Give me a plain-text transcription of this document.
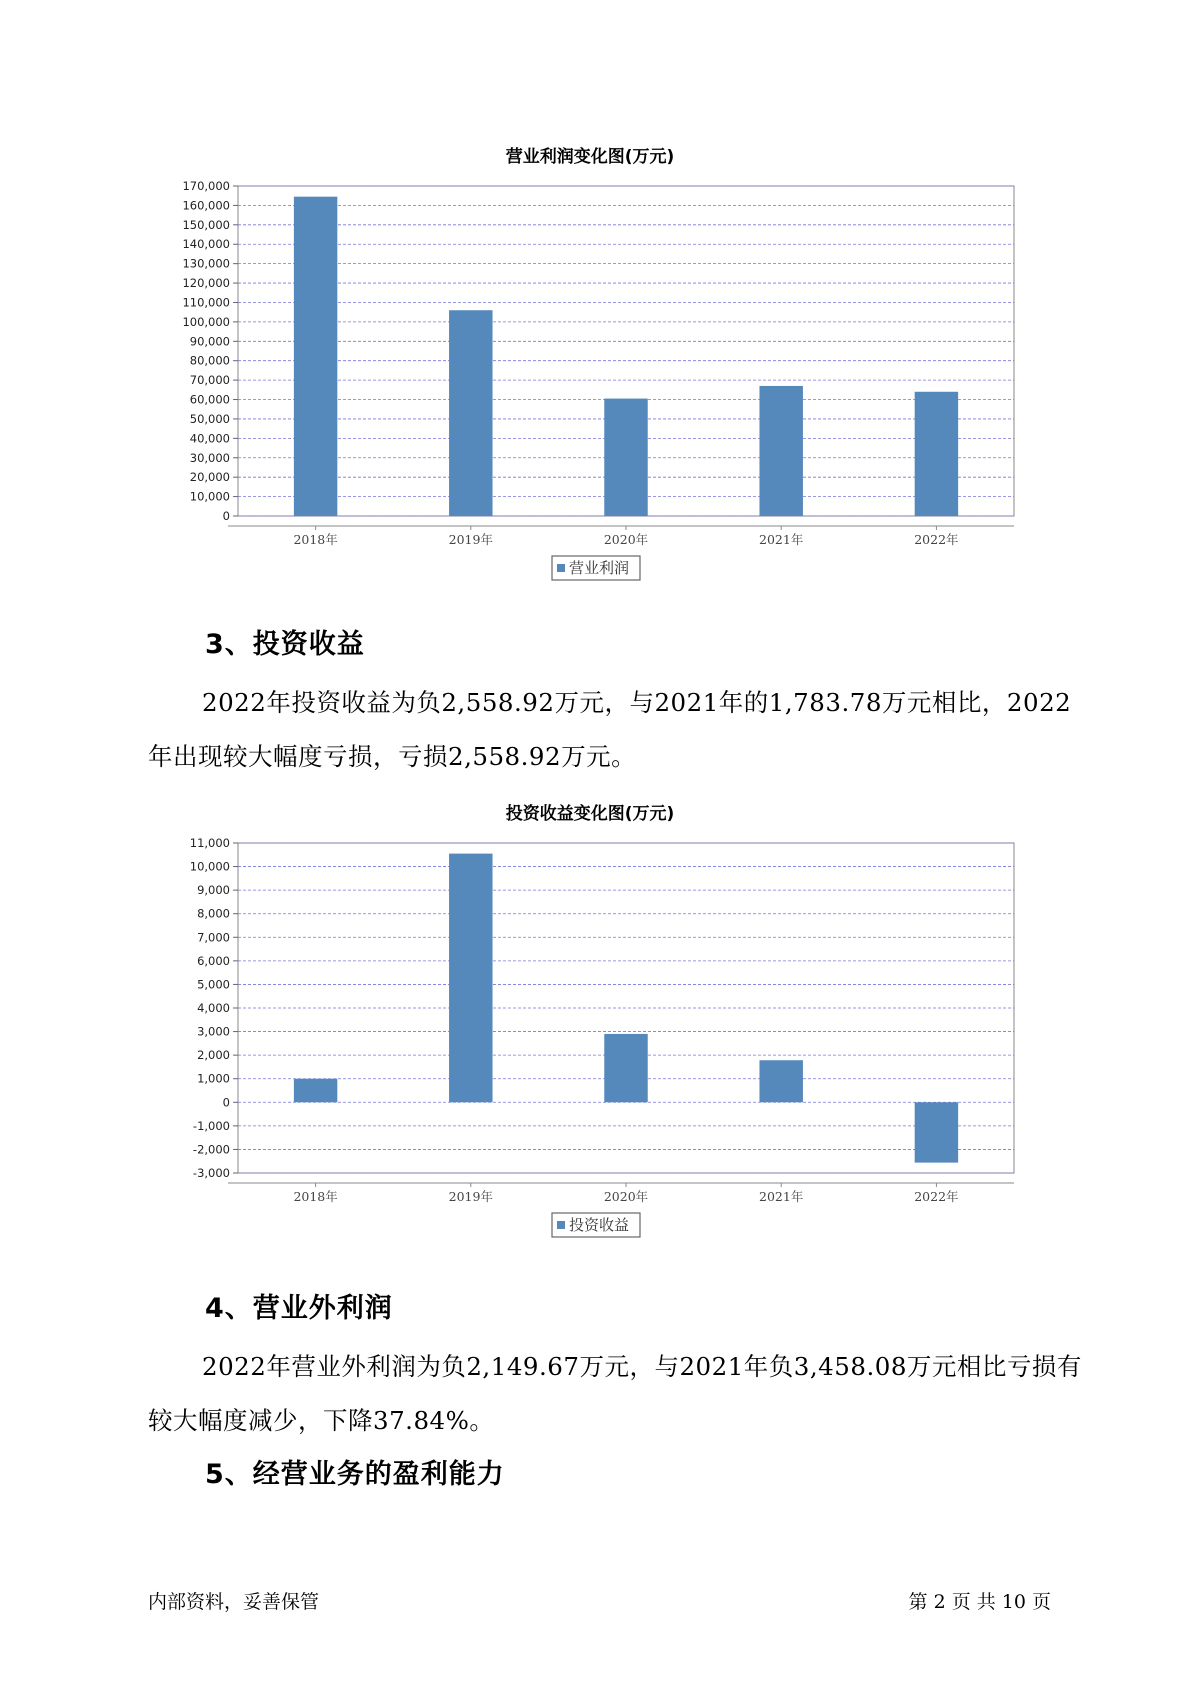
营业利润变化图(万元)
0
10,000
20,000
30,000
40,000
50,000
60,000
70,000
80,000
90,000
100,000
110,000
120,000
130,000
140,000
150,000
160,000
170,000
2018年	2019年	2020年	2021年	2022年
营业利润
3、投资收益

2022年投资收益为负2,558.92万元，与2021年的1,783.78万元相比，2022年出现较大幅度亏损，亏损2,558.92万元。

投资收益变化图(万元)
-3,000
-2,000
-1,000
0
1,000
2,000
3,000
4,000
5,000
6,000
7,000
8,000
9,000
10,000
11,000
2018年	2019年	2020年	2021年	2022年
投资收益
4、营业外利润

2022年营业外利润为负2,149.67万元，与2021年负3,458.08万元相比亏损有较大幅度减少，下降37.84%。

5、经营业务的盈利能力
内部资料，妥善保管	第 2 页 共 10 页
